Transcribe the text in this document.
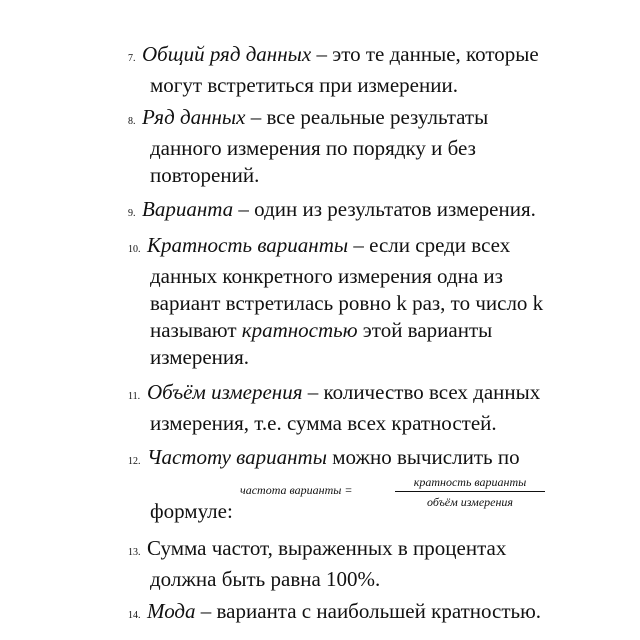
7. Общий ряд данных – это те данные, которые
могут встретиться при измерении.
8. Ряд данных – все реальные результаты
данного измерения по порядку и без
повторений.
9. Варианта – один из результатов измерения.
10. Кратность варианты – если среди всех
данных конкретного измерения одна из
вариант встретилась ровно k раз, то число k
называют кратностью этой варианты
измерения.
11. Объём измерения – количество всех данных
измерения, т.е. сумма всех кратностей.
12. Частоту варианты можно вычислить по
формуле:
частота варианты =
кратность варианты
объём измерения
13. Сумма частот, выраженных в процентах
должна быть равна 100%.
14. Мода – варианта с наибольшей кратностью.
